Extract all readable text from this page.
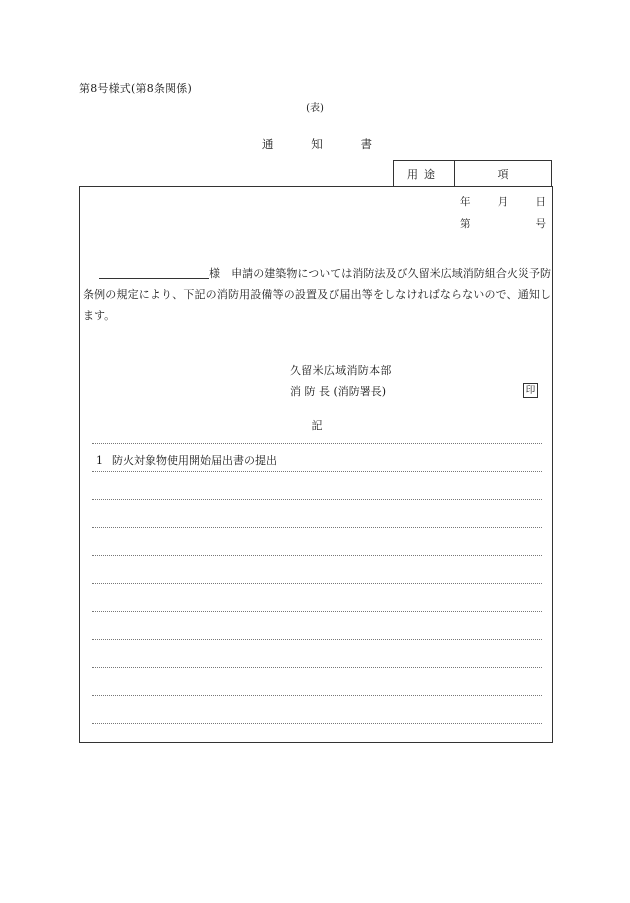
第8号様式(第8条関係)
(表)
通	知	書
用途	項
年	月	日
第	号
様  申請の建築物については消防法及び久留米広域消防組合火災予防条例の規定により、下記の消防用設備等の設置及び届出等をしなければならないので、通知します。
久留米広域消防本部
消 防 長 (消防署長)	印
記
1 防火対象物使用開始届出書の提出
